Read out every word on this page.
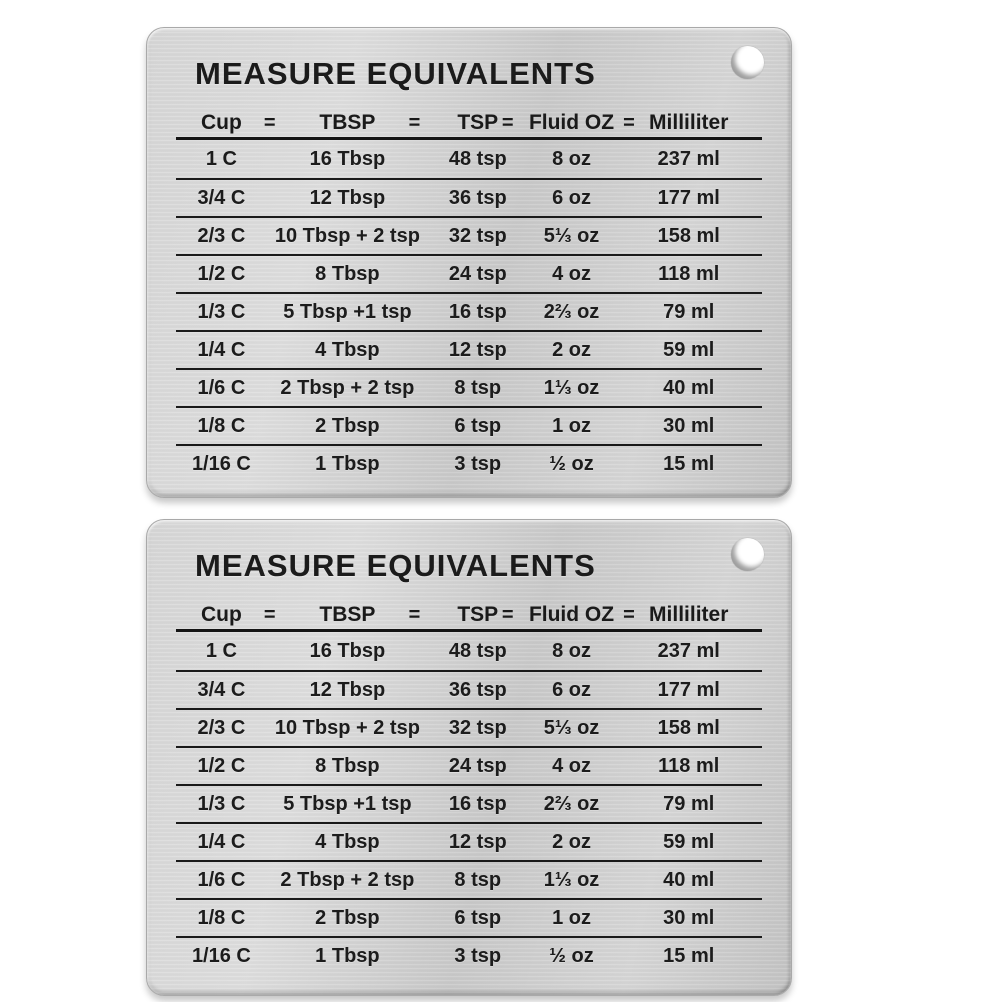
MEASURE EQUIVALENTS
Cup	TBSP	TSP	Fluid OZ	Milliliter
=	=	=	=
1 C	16 Tbsp	48 tsp	8 oz	237 ml
3/4 C	12 Tbsp	36 tsp	6 oz	177 ml
2/3 C	10 Tbsp + 2 tsp	32 tsp	5⅓ oz	158 ml
1/2 C	8 Tbsp	24 tsp	4 oz	118 ml
1/3 C	5 Tbsp +1 tsp	16 tsp	2⅔ oz	79 ml
1/4 C	4 Tbsp	12 tsp	2 oz	59 ml
1/6 C	2 Tbsp + 2 tsp	8 tsp	1⅓ oz	40 ml
1/8 C	2 Tbsp	6 tsp	1 oz	30 ml
1/16 C	1 Tbsp	3 tsp	½ oz	15 ml
MEASURE EQUIVALENTS
Cup	TBSP	TSP	Fluid OZ	Milliliter
=	=	=	=
1 C	16 Tbsp	48 tsp	8 oz	237 ml
3/4 C	12 Tbsp	36 tsp	6 oz	177 ml
2/3 C	10 Tbsp + 2 tsp	32 tsp	5⅓ oz	158 ml
1/2 C	8 Tbsp	24 tsp	4 oz	118 ml
1/3 C	5 Tbsp +1 tsp	16 tsp	2⅔ oz	79 ml
1/4 C	4 Tbsp	12 tsp	2 oz	59 ml
1/6 C	2 Tbsp + 2 tsp	8 tsp	1⅓ oz	40 ml
1/8 C	2 Tbsp	6 tsp	1 oz	30 ml
1/16 C	1 Tbsp	3 tsp	½ oz	15 ml
